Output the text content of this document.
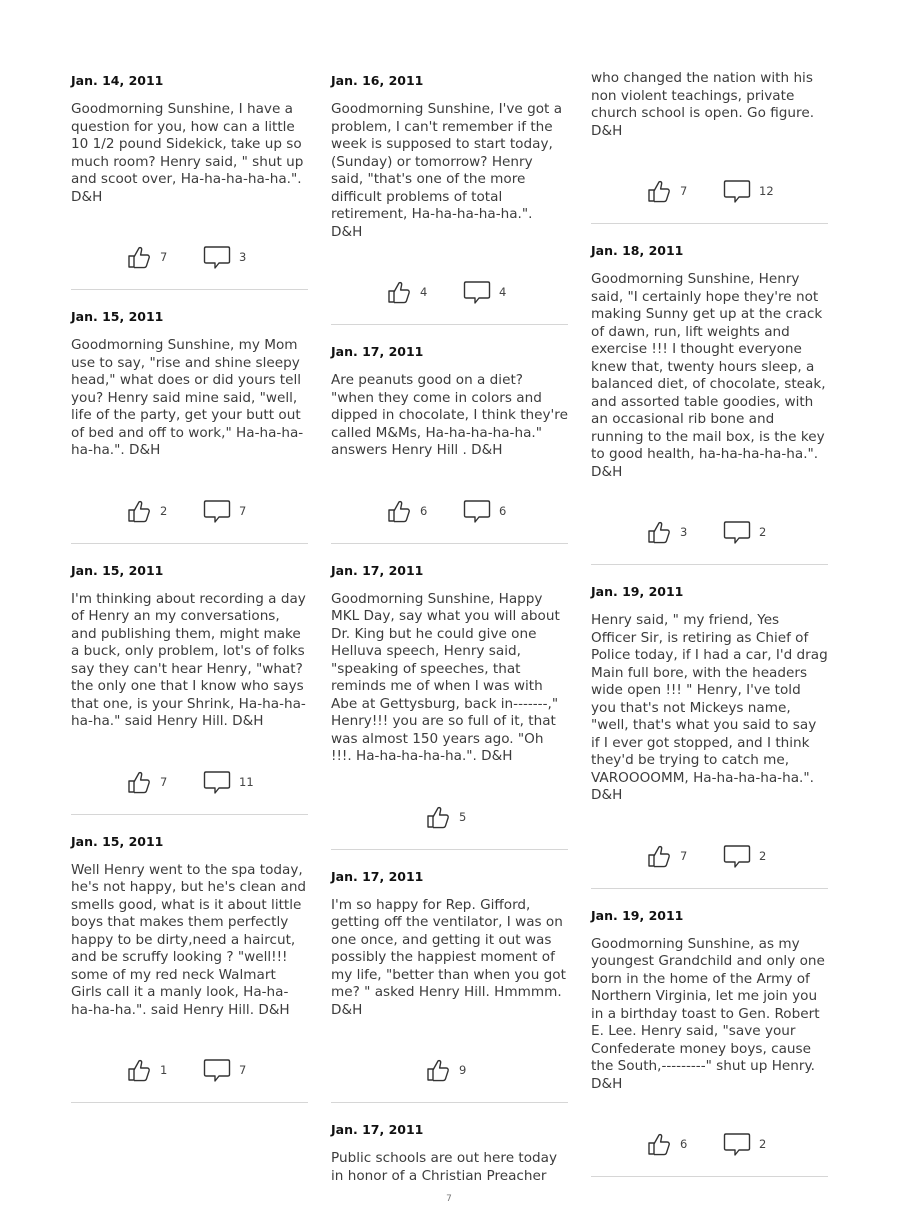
Jan. 14, 2011

Goodmorning Sunshine, I have a question for you, how can a little 10 1/2 pound Sidekick, take up so much room? Henry said, " shut up and scoot over, Ha-ha-ha-ha-ha.". D&H

7	3
Jan. 15, 2011

Goodmorning Sunshine, my Mom use to say, "rise and shine sleepy head," what does or did yours tell you? Henry said mine said, "well, life of the party, get your butt out of bed and off to work," Ha-ha-ha-ha-ha.". D&H

2	7
Jan. 15, 2011

I'm thinking about recording a day of Henry an my conversations, and publishing them, might make a buck, only problem, lot's of folks say they can't hear Henry, "what? the only one that I know who says that one, is your Shrink, Ha-ha-ha-ha-ha." said Henry Hill. D&H

7	11
Jan. 15, 2011

Well Henry went to the spa today, he's not happy, but he's clean and smells good, what is it about little boys that makes them perfectly happy to be dirty,need a haircut, and be scruffy looking ? "well!!! some of my red neck Walmart Girls call it a manly look, Ha-ha-ha-ha-ha.". said Henry Hill. D&H

1	7
Jan. 16, 2011

Goodmorning Sunshine, I've got a problem, I can't remember if the week is supposed to start today, (Sunday) or tomorrow? Henry said, "that's one of the more difficult problems of total retirement, Ha-ha-ha-ha-ha.". D&H

4	4
Jan. 17, 2011

Are peanuts good on a diet? "when they come in colors and dipped in chocolate, I think they're called M&Ms, Ha-ha-ha-ha-ha." answers Henry Hill . D&H

6	6
Jan. 17, 2011

Goodmorning Sunshine, Happy MKL Day, say what you will about Dr. King but he could give one Helluva speech, Henry said, "speaking of speeches, that reminds me of when I was with Abe at Gettysburg, back in-------," Henry!!! you are so full of it, that was almost 150 years ago. "Oh !!!. Ha-ha-ha-ha-ha.". D&H

5
Jan. 17, 2011

I'm so happy for Rep. Gifford, getting off the ventilator, I was on one once, and getting it out was possibly the happiest moment of my life, "better than when you got me? " asked Henry Hill. Hmmmm. D&H

9
Jan. 17, 2011

Public schools are out here today in honor of a Christian Preacher

who changed the nation with his non violent teachings, private church school is open. Go figure. D&H

7	12
Jan. 18, 2011

Goodmorning Sunshine, Henry said, "I certainly hope they're not making Sunny get up at the crack of dawn, run, lift weights and exercise !!! I thought everyone knew that, twenty hours sleep, a balanced diet, of chocolate, steak, and assorted table goodies, with an occasional rib bone and running to the mail box, is the key to good health, ha-ha-ha-ha-ha.". D&H

3	2
Jan. 19, 2011

Henry said, " my friend, Yes Officer Sir, is retiring as Chief of Police today, if I had a car, I'd drag Main full bore, with the headers wide open !!! " Henry, I've told you that's not Mickeys name, "well, that's what you said to say if I ever got stopped, and I think they'd be trying to catch me, VAROOOOMM, Ha-ha-ha-ha-ha.". D&H

7	2
Jan. 19, 2011

Goodmorning Sunshine, as my youngest Grandchild and only one born in the home of the Army of Northern Virginia, let me join you in a birthday toast to Gen. Robert E. Lee. Henry said, "save your Confederate money boys, cause the South,---------" shut up Henry. D&H

6	2
7
